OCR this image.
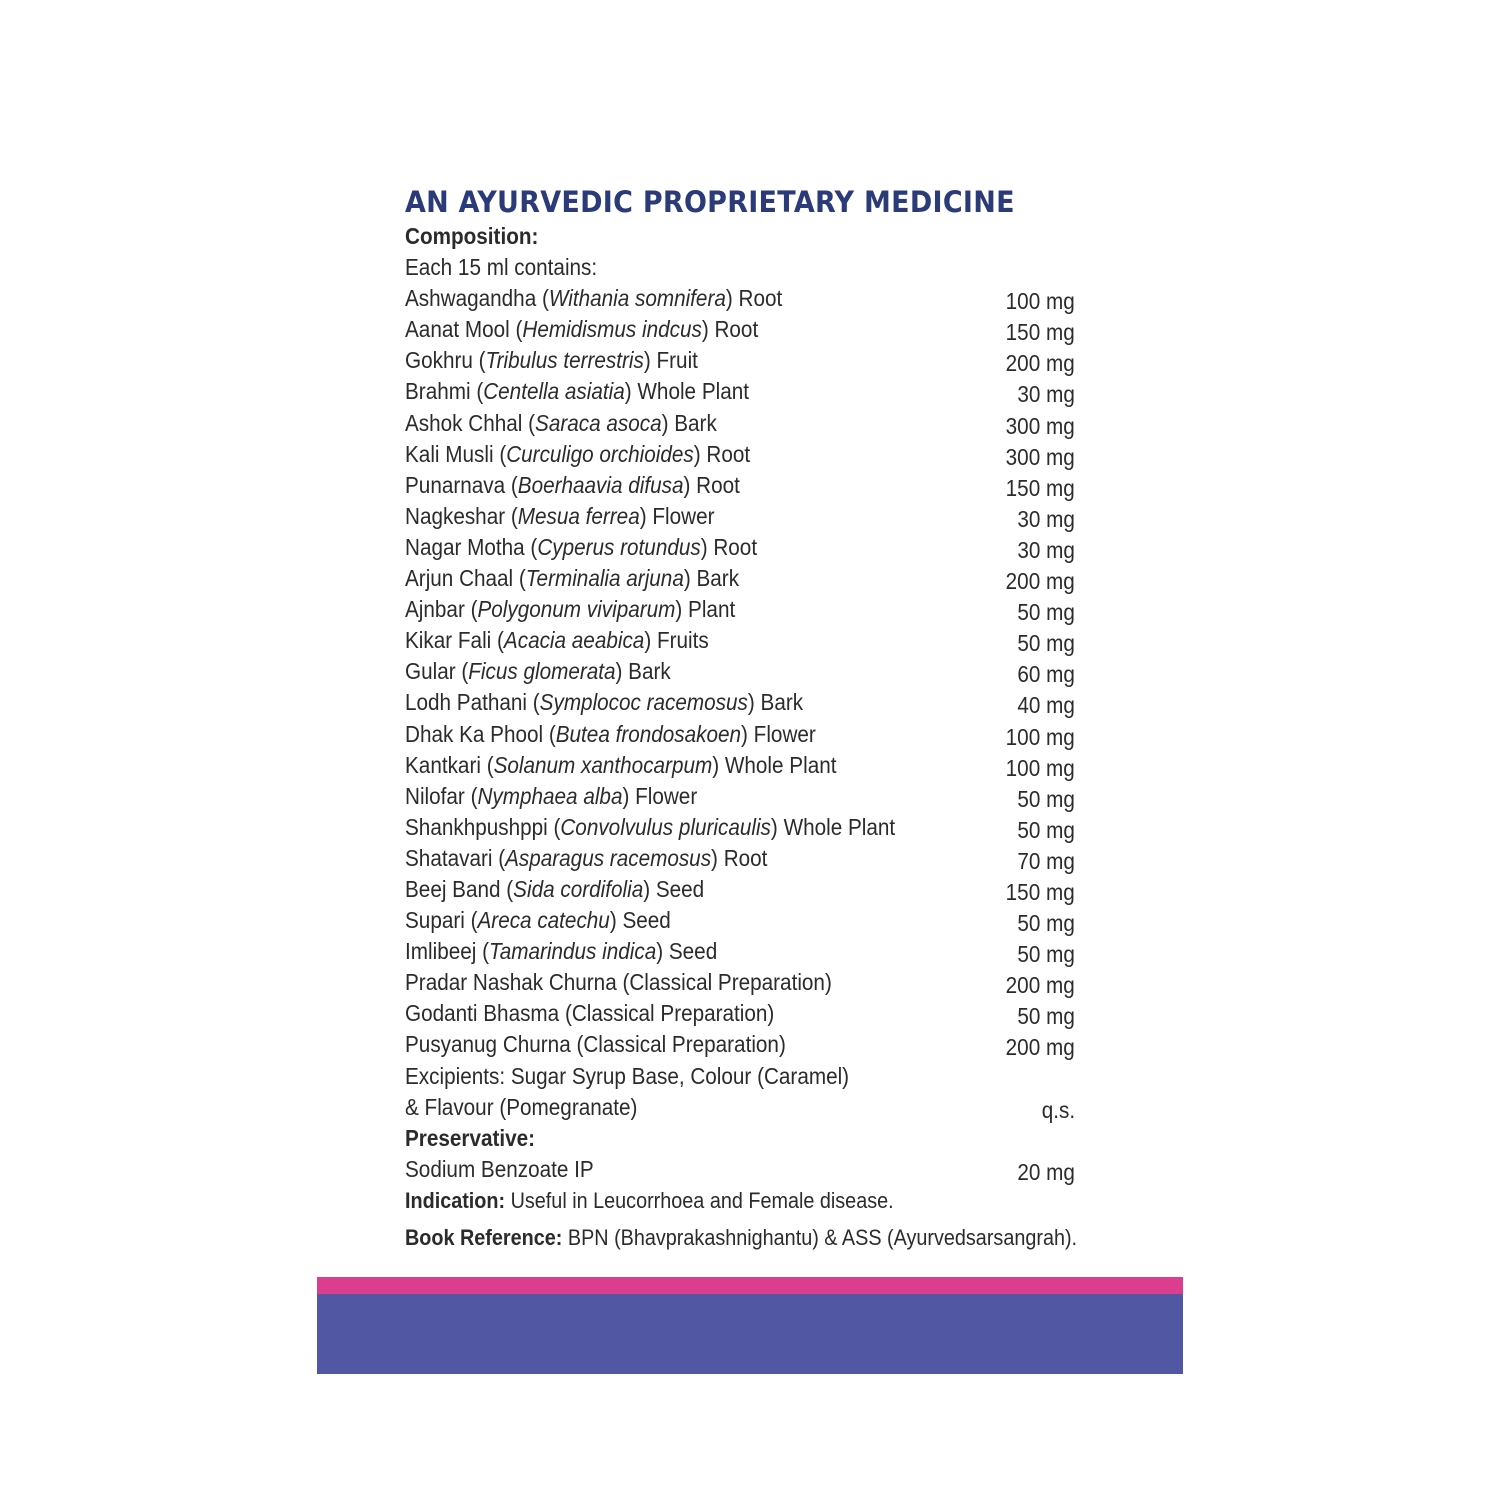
AN AYURVEDIC PROPRIETARY MEDICINE
Composition:
Each 15 ml contains:
Ashwagandha (Withania somnifera) Root	100 mg
Aanat Mool (Hemidismus indcus) Root	150 mg
Gokhru (Tribulus terrestris) Fruit	200 mg
Brahmi (Centella asiatia) Whole Plant	30 mg
Ashok Chhal (Saraca asoca) Bark	300 mg
Kali Musli (Curculigo orchioides) Root	300 mg
Punarnava (Boerhaavia difusa) Root	150 mg
Nagkeshar (Mesua ferrea) Flower	30 mg
Nagar Motha (Cyperus rotundus) Root	30 mg
Arjun Chaal (Terminalia arjuna) Bark	200 mg
Ajnbar (Polygonum viviparum) Plant	50 mg
Kikar Fali (Acacia aeabica) Fruits	50 mg
Gular (Ficus glomerata) Bark	60 mg
Lodh Pathani (Symplococ racemosus) Bark	40 mg
Dhak Ka Phool (Butea frondosakoen) Flower	100 mg
Kantkari (Solanum xanthocarpum) Whole Plant	100 mg
Nilofar (Nymphaea alba) Flower	50 mg
Shankhpushppi (Convolvulus pluricaulis) Whole Plant	50 mg
Shatavari (Asparagus racemosus) Root	70 mg
Beej Band (Sida cordifolia) Seed	150 mg
Supari (Areca catechu) Seed	50 mg
Imlibeej (Tamarindus indica) Seed	50 mg
Pradar Nashak Churna (Classical Preparation)	200 mg
Godanti Bhasma (Classical Preparation)	50 mg
Pusyanug Churna (Classical Preparation)	200 mg
Excipients: Sugar Syrup Base, Colour (Caramel)
& Flavour (Pomegranate)	q.s.
Preservative:
Sodium Benzoate IP	20 mg
Indication: Useful in Leucorrhoea and Female disease.
Book Reference: BPN (Bhavprakashnighantu) & ASS (Ayurvedsarsangrah).
